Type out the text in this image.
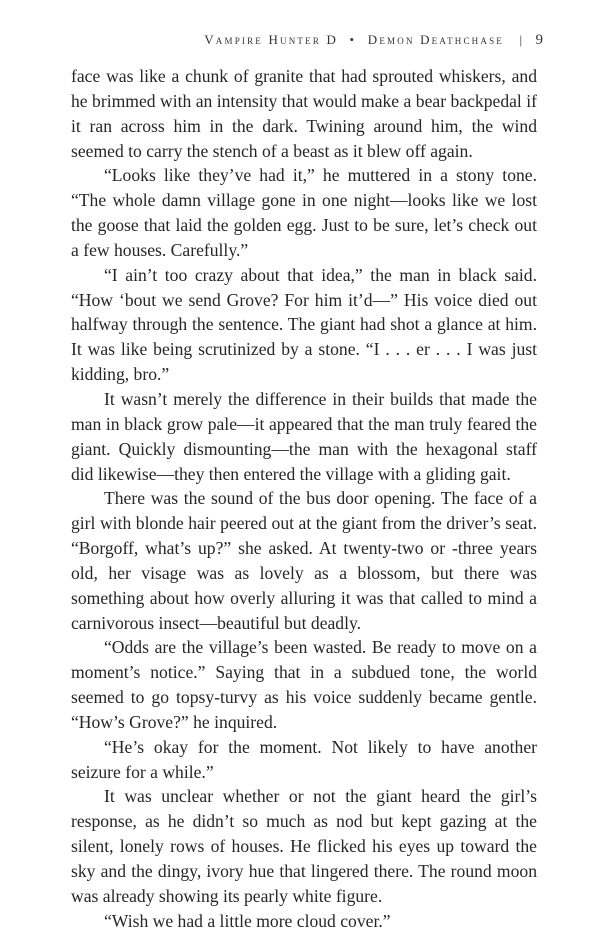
Vampire Hunter D • Demon Deathchase | 9

face was like a chunk of granite that had sprouted whiskers, and he brimmed with an intensity that would make a bear backpedal if it ran across him in the dark. Twining around him, the wind seemed to carry the stench of a beast as it blew off again.

“Looks like they’ve had it,” he muttered in a stony tone. “The whole damn village gone in one night—looks like we lost the goose that laid the golden egg. Just to be sure, let’s check out a few houses. Carefully.”

“I ain’t too crazy about that idea,” the man in black said. “How ‘bout we send Grove? For him it’d—” His voice died out halfway through the sentence. The giant had shot a glance at him. It was like being scrutinized by a stone. “I . . . er . . . I was just kidding, bro.”

It wasn’t merely the difference in their builds that made the man in black grow pale—it appeared that the man truly feared the giant. Quickly dismounting—the man with the hexagonal staff did likewise—they then entered the village with a gliding gait.

There was the sound of the bus door opening. The face of a girl with blonde hair peered out at the giant from the driver’s seat. “Borgoff, what’s up?” she asked. At twenty-two or -three years old, her visage was as lovely as a blossom, but there was something about how overly alluring it was that called to mind a carnivorous insect—beautiful but deadly.

“Odds are the village’s been wasted. Be ready to move on a moment’s notice.” Saying that in a subdued tone, the world seemed to go topsy-turvy as his voice suddenly became gentle. “How’s Grove?” he inquired.

“He’s okay for the moment. Not likely to have another seizure for a while.”

It was unclear whether or not the giant heard the girl’s response, as he didn’t so much as nod but kept gazing at the silent, lonely rows of houses. He flicked his eyes up toward the sky and the dingy, ivory hue that lingered there. The round moon was already showing its pearly white figure.

“Wish we had a little more cloud cover.”
